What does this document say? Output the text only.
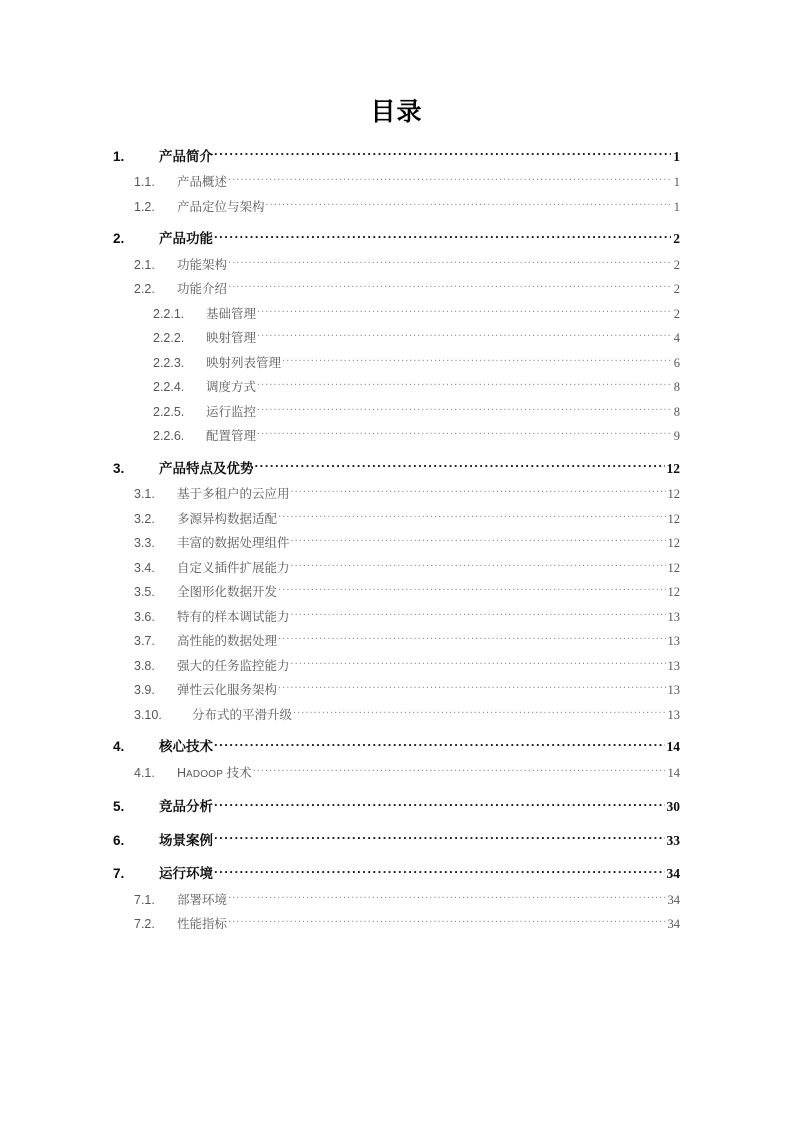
目录
1.	产品简介 .....	1
1.1.	产品概述 .....	1
1.2.	产品定位与架构 .....	1
2.	产品功能 .....	2
2.1.	功能架构 .....	2
2.2.	功能介绍 .....	2
2.2.1.	基础管理 .....	2
2.2.2.	映射管理 .....	4
2.2.3.	映射列表管理 .....	6
2.2.4.	调度方式 .....	8
2.2.5.	运行监控 .....	8
2.2.6.	配置管理 .....	9
3.	产品特点及优势 .....	12
3.1.	基于多租户的云应用 .....	12
3.2.	多源异构数据适配 .....	12
3.3.	丰富的数据处理组件 .....	12
3.4.	自定义插件扩展能力 .....	12
3.5.	全图形化数据开发 .....	12
3.6.	特有的样本调试能力 .....	13
3.7.	高性能的数据处理 .....	13
3.8.	强大的任务监控能力 .....	13
3.9.	弹性云化服务架构 .....	13
3.10.	分布式的平滑升级 .....	13
4.	核心技术 .....	14
4.1.	HADOOP 技术 .....	14
5.	竞品分析 .....	30
6.	场景案例 .....	33
7.	运行环境 .....	34
7.1.	部署环境 .....	34
7.2.	性能指标 .....	34
